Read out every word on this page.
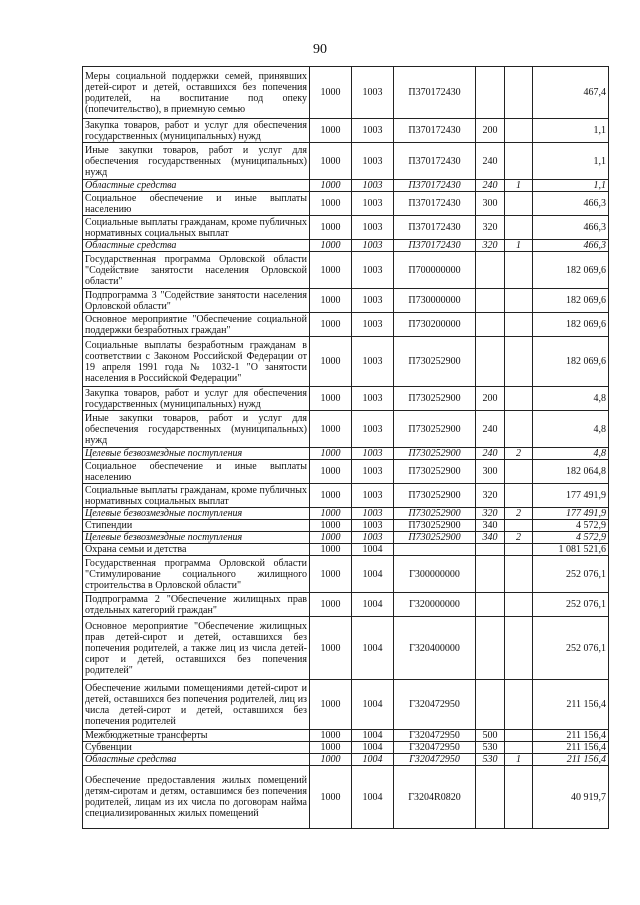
90
Меры социальной поддержки семей, принявших детей-сирот и детей, оставшихся без попечения родителей, на воспитание под опеку (попечительство), в приемную семью	1000	1003	П370172430			467,4
Закупка товаров, работ и услуг для обеспечения государственных (муниципальных) нужд	1000	1003	П370172430	200		1,1
Иные закупки товаров, работ и услуг для обеспечения государственных (муниципальных) нужд	1000	1003	П370172430	240		1,1
Областные средства	1000	1003	П370172430	240	1	1,1
Социальное обеспечение и иные выплаты населению	1000	1003	П370172430	300		466,3
Социальные выплаты гражданам, кроме публичных нормативных социальных выплат	1000	1003	П370172430	320		466,3
Областные средства	1000	1003	П370172430	320	1	466,3
Государственная программа Орловской области "Содействие занятости населения Орловской области"	1000	1003	П700000000			182 069,6
Подпрограмма 3 "Содействие занятости населения Орловской области"	1000	1003	П730000000			182 069,6
Основное мероприятие "Обеспечение социальной поддержки безработных граждан"	1000	1003	П730200000			182 069,6
Социальные выплаты безработным гражданам в соответствии с Законом Российской Федерации от 19 апреля 1991 года № 1032-1 "О занятости населения в Российской Федерации"	1000	1003	П730252900			182 069,6
Закупка товаров, работ и услуг для обеспечения государственных (муниципальных) нужд	1000	1003	П730252900	200		4,8
Иные закупки товаров, работ и услуг для обеспечения государственных (муниципальных) нужд	1000	1003	П730252900	240		4,8
Целевые безвозмездные поступления	1000	1003	П730252900	240	2	4,8
Социальное обеспечение и иные выплаты населению	1000	1003	П730252900	300		182 064,8
Социальные выплаты гражданам, кроме публичных нормативных социальных выплат	1000	1003	П730252900	320		177 491,9
Целевые безвозмездные поступления	1000	1003	П730252900	320	2	177 491,9
Стипендии	1000	1003	П730252900	340		4 572,9
Целевые безвозмездные поступления	1000	1003	П730252900	340	2	4 572,9
Охрана семьи и детства	1000	1004				1 081 521,6
Государственная программа Орловской области "Стимулирование социального жилищного строительства в Орловской области"	1000	1004	Г300000000			252 076,1
Подпрограмма 2 "Обеспечение жилищных прав отдельных категорий граждан"	1000	1004	Г320000000			252 076,1
Основное мероприятие "Обеспечение жилищных прав детей-сирот и детей, оставшихся без попечения родителей, а также лиц из числа детей-сирот и детей, оставшихся без попечения родителей"	1000	1004	Г320400000			252 076,1
Обеспечение жилыми помещениями детей-сирот и детей, оставшихся без попечения родителей, лиц из числа детей-сирот и детей, оставшихся без попечения родителей	1000	1004	Г320472950			211 156,4
Межбюджетные трансферты	1000	1004	Г320472950	500		211 156,4
Субвенции	1000	1004	Г320472950	530		211 156,4
Областные средства	1000	1004	Г320472950	530	1	211 156,4
Обеспечение предоставления жилых помещений детям-сиротам и детям, оставшимся без попечения родителей, лицам из их числа по договорам найма специализированных жилых помещений	1000	1004	Г3204R0820			40 919,7
